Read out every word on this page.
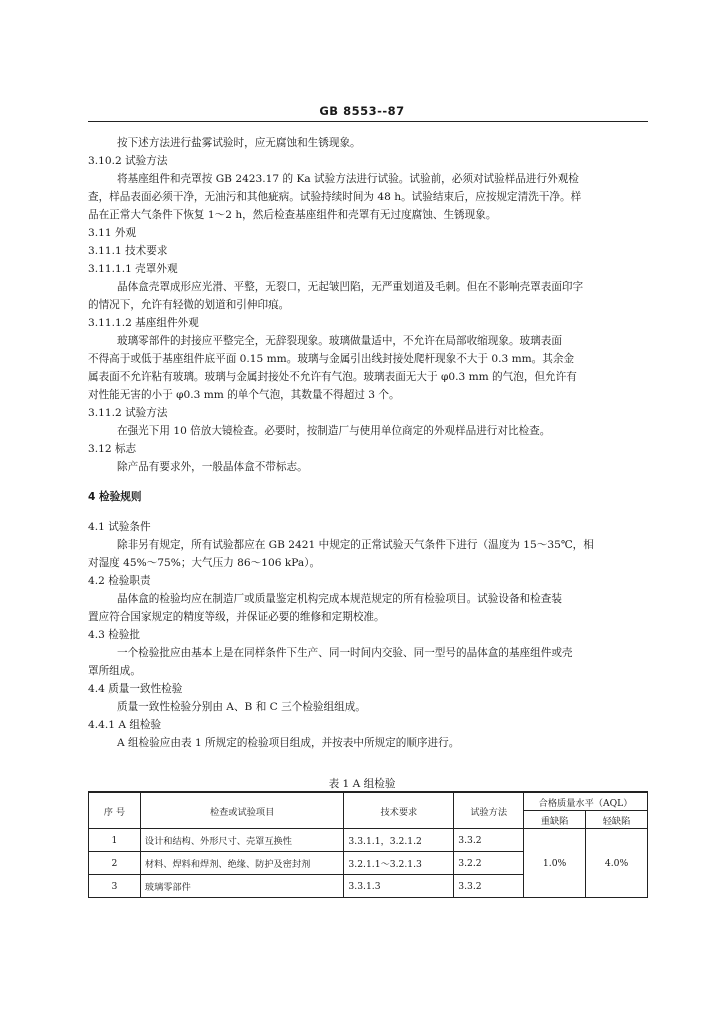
GB 8553--87
按下述方法进行盐雾试验时，应无腐蚀和生锈现象。
3.10.2 试验方法
将基座组件和壳罩按 GB 2423.17 的 Ka 试验方法进行试验。试验前，必须对试验样品进行外观检
查，样品表面必须干净，无油污和其他疵病。试验持续时间为 48 h。试验结束后，应按规定清洗干净。样
品在正常大气条件下恢复 1～2 h，然后检查基座组件和壳罩有无过度腐蚀、生锈现象。
3.11 外观
3.11.1 技术要求
3.11.1.1 壳罩外观
晶体盒壳罩成形应光滑、平整，无裂口，无起皱凹陷，无严重划道及毛刺。但在不影响壳罩表面印字
的情况下，允许有轻微的划道和引伸印痕。
3.11.1.2 基座组件外观
玻璃零部件的封接应平整完全，无辞裂现象。玻璃做量适中，不允许在局部收缩现象。玻璃表面
不得高于或低于基座组件底平面 0.15 mm。玻璃与金属引出线封接处爬杆现象不大于 0.3 mm。其余金
属表面不允许粘有玻璃。玻璃与金属封接处不允许有气泡。玻璃表面无大于 φ0.3 mm 的气泡，但允许有
对性能无害的小于 φ0.3 mm 的单个气泡，其数量不得超过 3 个。
3.11.2 试验方法
在强光下用 10 倍放大镜检查。必要时，按制造厂与使用单位商定的外观样品进行对比检查。
3.12 标志
除产品有要求外，一般晶体盒不带标志。
4 检验规则
4.1 试验条件
除非另有规定，所有试验都应在 GB 2421 中规定的正常试验天气条件下进行（温度为 15～35℃，相
对湿度 45%～75%；大气压力 86～106 kPa）。
4.2 检验职责
晶体盒的检验均应在制造厂或质量鉴定机构完成本规范规定的所有检验项目。试验设备和检查装
置应符合国家规定的精度等级，并保证必要的维修和定期校准。
4.3 检验批
一个检验批应由基本上是在同样条件下生产、同一时间内交验、同一型号的晶体盒的基座组件或壳
罩所组成。
4.4 质量一致性检验
质量一致性检验分别由 A、B 和 C 三个检验组组成。
4.4.1 A 组检验
A 组检验应由表 1 所规定的检验项目组成，并按表中所规定的顺序进行。
表 1 A 组检验
序 号	检查或试验项目	技术要求	试验方法	合格质量水平（AQL）	
				重缺陷	轻缺陷
1	设计和结构、外形尺寸、壳罩互换性	3.3.1.1，3.2.1.2	3.3.2	1.0%	4.0%
2	材料、焊料和焊剂、绝缘、防护及密封剂	3.2.1.1～3.2.1.3	3.2.2		
3	玻璃零部件	3.3.1.3	3.3.2		
